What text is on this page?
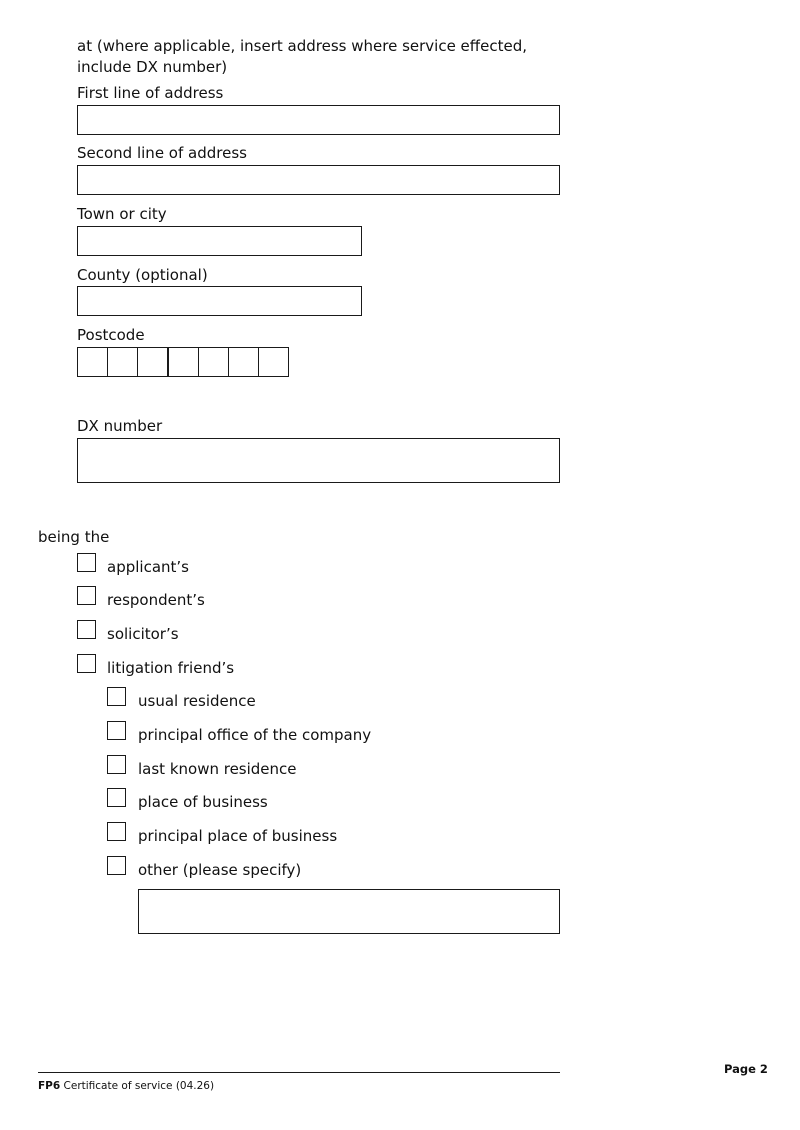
at (where applicable, insert address where service effected, include DX number)
First line of address
Second line of address
Town or city
County (optional)
Postcode
DX number
being the
applicant’s
respondent’s
solicitor’s
litigation friend’s
usual residence
principal office of the company
last known residence
place of business
principal place of business
other (please specify)
FP6 Certificate of service (04.26)
Page 2
